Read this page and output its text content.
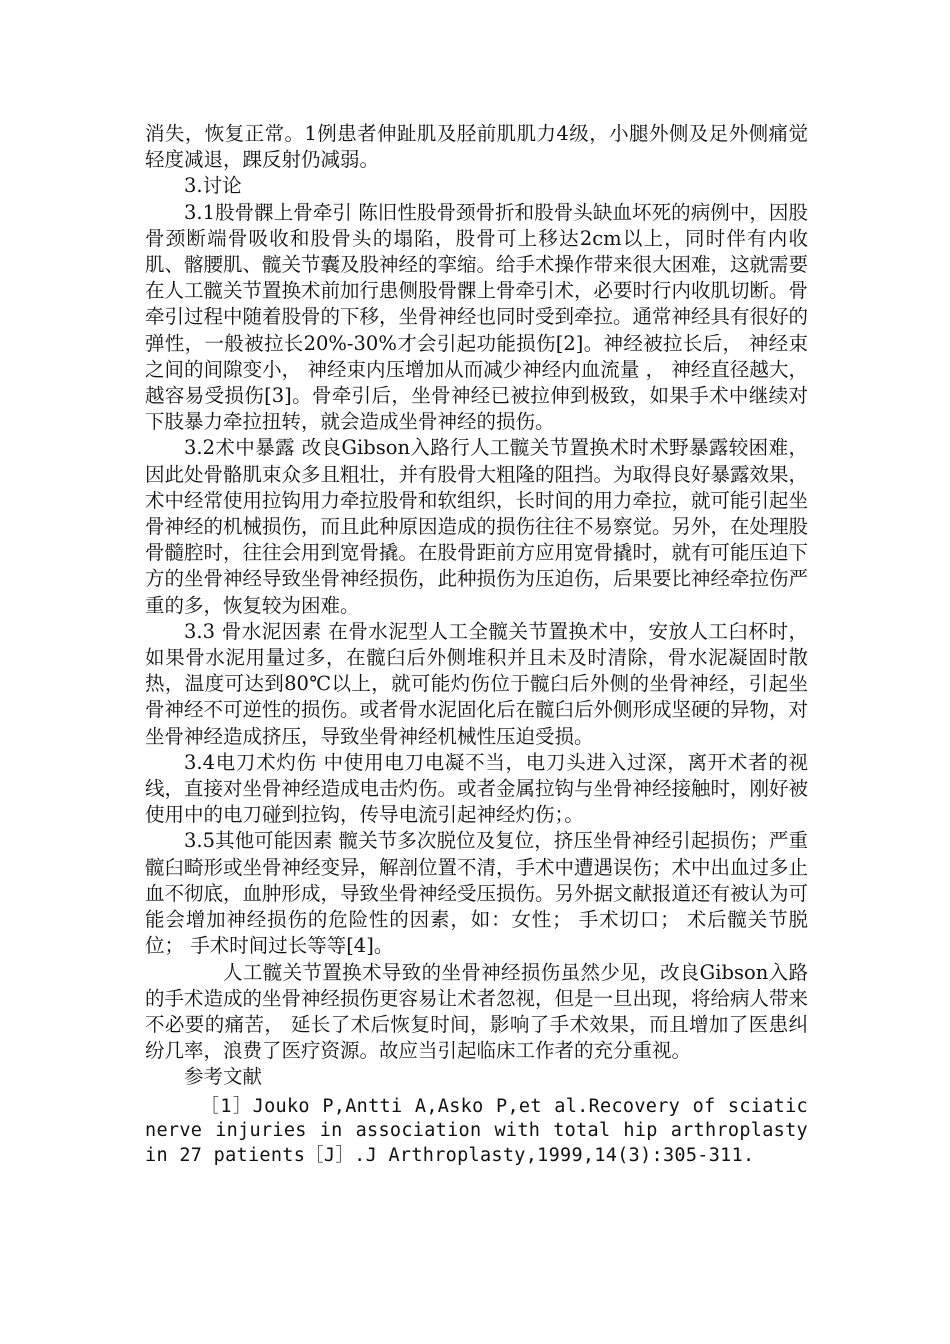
消失，恢复正常。1例患者伸趾肌及胫前肌肌力4级，小腿外侧及足外侧痛觉轻度减退，踝反射仍减弱。

3.讨论

3.1股骨髁上骨牵引 陈旧性股骨颈骨折和股骨头缺血坏死的病例中，因股骨颈断端骨吸收和股骨头的塌陷，股骨可上移达2cm以上，同时伴有内收肌、髂腰肌、髋关节囊及股神经的挛缩。给手术操作带来很大困难，这就需要在人工髋关节置换术前加行患侧股骨髁上骨牵引术，必要时行内收肌切断。骨牵引过程中随着股骨的下移，坐骨神经也同时受到牵拉。通常神经具有很好的弹性，一般被拉长20%-30%才会引起功能损伤[2]。神经被拉长后， 神经束之间的间隙变小， 神经束内压增加从而减少神经内血流量 ， 神经直径越大， 越容易受损伤[3]。骨牵引后，坐骨神经已被拉伸到极致，如果手术中继续对下肢暴力牵拉扭转，就会造成坐骨神经的损伤。

3.2术中暴露 改良Gibson入路行人工髋关节置换术时术野暴露较困难，因此处骨骼肌束众多且粗壮，并有股骨大粗隆的阻挡。为取得良好暴露效果，术中经常使用拉钩用力牵拉股骨和软组织，长时间的用力牵拉，就可能引起坐骨神经的机械损伤，而且此种原因造成的损伤往往不易察觉。另外，在处理股骨髓腔时，往往会用到宽骨撬。在股骨距前方应用宽骨撬时，就有可能压迫下方的坐骨神经导致坐骨神经损伤，此种损伤为压迫伤，后果要比神经牵拉伤严重的多，恢复较为困难。

3.3 骨水泥因素 在骨水泥型人工全髋关节置换术中，安放人工臼杯时，如果骨水泥用量过多，在髋臼后外侧堆积并且未及时清除，骨水泥凝固时散热，温度可达到80℃以上，就可能灼伤位于髋臼后外侧的坐骨神经，引起坐骨神经不可逆性的损伤。或者骨水泥固化后在髋臼后外侧形成坚硬的异物，对坐骨神经造成挤压，导致坐骨神经机械性压迫受损。

3.4电刀术灼伤 中使用电刀电凝不当，电刀头进入过深，离开术者的视线，直接对坐骨神经造成电击灼伤。或者金属拉钩与坐骨神经接触时，刚好被使用中的电刀碰到拉钩，传导电流引起神经灼伤；。

3.5其他可能因素 髋关节多次脱位及复位，挤压坐骨神经引起损伤；严重髋臼畸形或坐骨神经变异，解剖位置不清，手术中遭遇误伤；术中出血过多止血不彻底，血肿形成，导致坐骨神经受压损伤。另外据文献报道还有被认为可能会增加神经损伤的危险性的因素，如：女性； 手术切口； 术后髋关节脱位； 手术时间过长等等[4]。

人工髋关节置换术导致的坐骨神经损伤虽然少见，改良Gibson入路的手术造成的坐骨神经损伤更容易让术者忽视，但是一旦出现，将给病人带来不必要的痛苦， 延长了术后恢复时间，影响了手术效果，而且增加了医患纠纷几率，浪费了医疗资源。故应当引起临床工作者的充分重视。

参考文献

［1］Jouko P,Antti A,Asko P,et al.Recovery of sciatic nerve injuries in association with total hip arthroplasty in 27 patients［J］.J Arthroplasty,1999,14(3):305-311.
